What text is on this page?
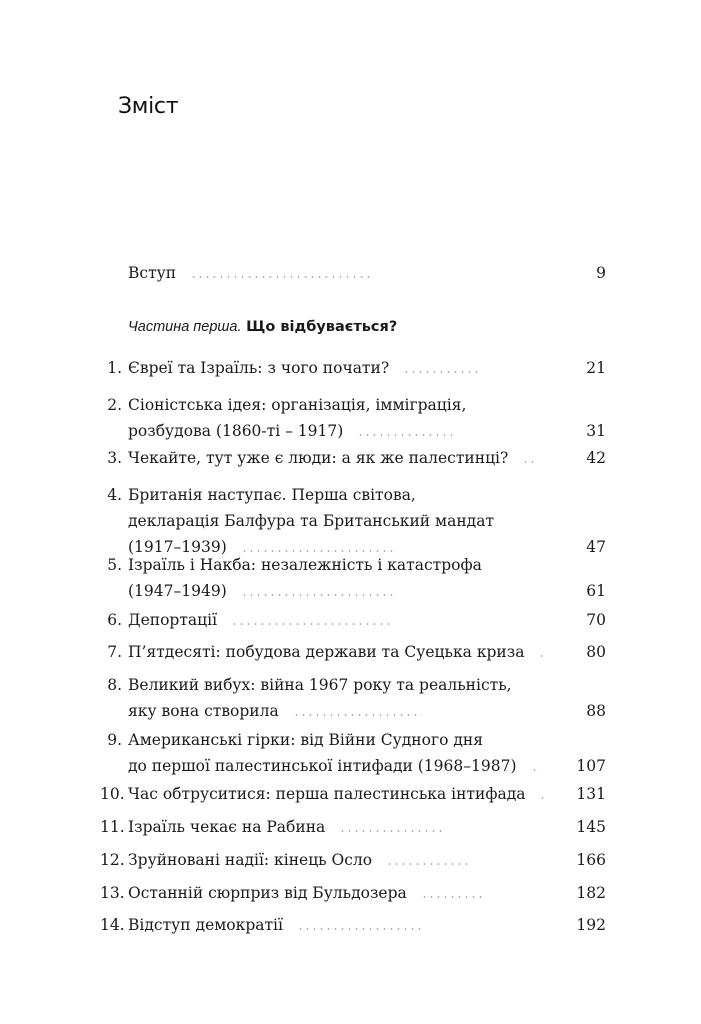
Зміст
Вступ	9
Частина перша. Що відбувається?
1. Євреї та Ізраїль: з чого почати?	21
2. Сіоністська ідея: організація, імміграція,
розбудова (1860-ті – 1917)	31
3. Чекайте, тут уже є люди: а як же палестинці?	42
4. Британія наступає. Перша світова,
декларація Балфура та Британський мандат
(1917–1939)	47
5. Ізраїль і Накба: незалежність і катастрофа
(1947–1949)	61
6. Депортації	70
7. П’ятдесяті: побудова держави та Суецька криза	80
8. Великий вибух: війна 1967 року та реальність,
яку вона створила	88
9. Американські гірки: від Війни Судного дня
до першої палестинської інтифади (1968–1987)	107
10. Час обтруситися: перша палестинська інтифада	131
11. Ізраїль чекає на Рабина	145
12. Зруйновані надії: кінець Осло	166
13. Останній сюрприз від Бульдозера	182
14. Відступ демократії	192
